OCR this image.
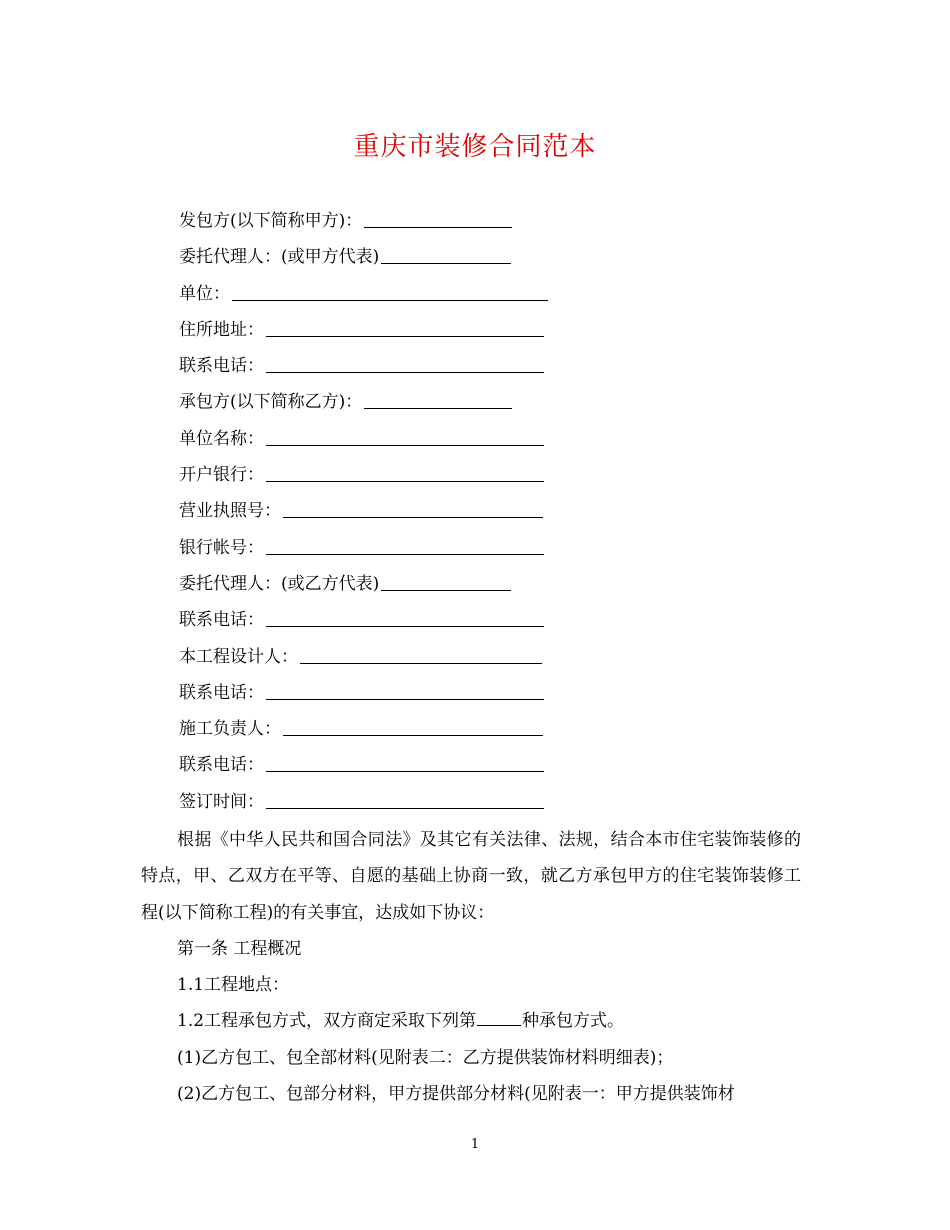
重庆市装修合同范本
发包方(以下简称甲方)：
委托代理人：(或甲方代表)
单位：
住所地址：
联系电话：
承包方(以下简称乙方)：
单位名称：
开户银行：
营业执照号：
银行帐号：
委托代理人：(或乙方代表)
联系电话：
本工程设计人：
联系电话：
施工负责人：
联系电话：
签订时间：

根据《中华人民共和国合同法》及其它有关法律、法规，结合本市住宅装饰装修的特点，甲、乙双方在平等、自愿的基础上协商一致，就乙方承包甲方的住宅装饰装修工程(以下简称工程)的有关事宜，达成如下协议：

第一条 工程概况

1.1工程地点：

1.2工程承包方式，双方商定采取下列第	种承包方式。

(1)乙方包工、包全部材料(见附表二：乙方提供装饰材料明细表)；

(2)乙方包工、包部分材料，甲方提供部分材料(见附表一：甲方提供装饰材

1
